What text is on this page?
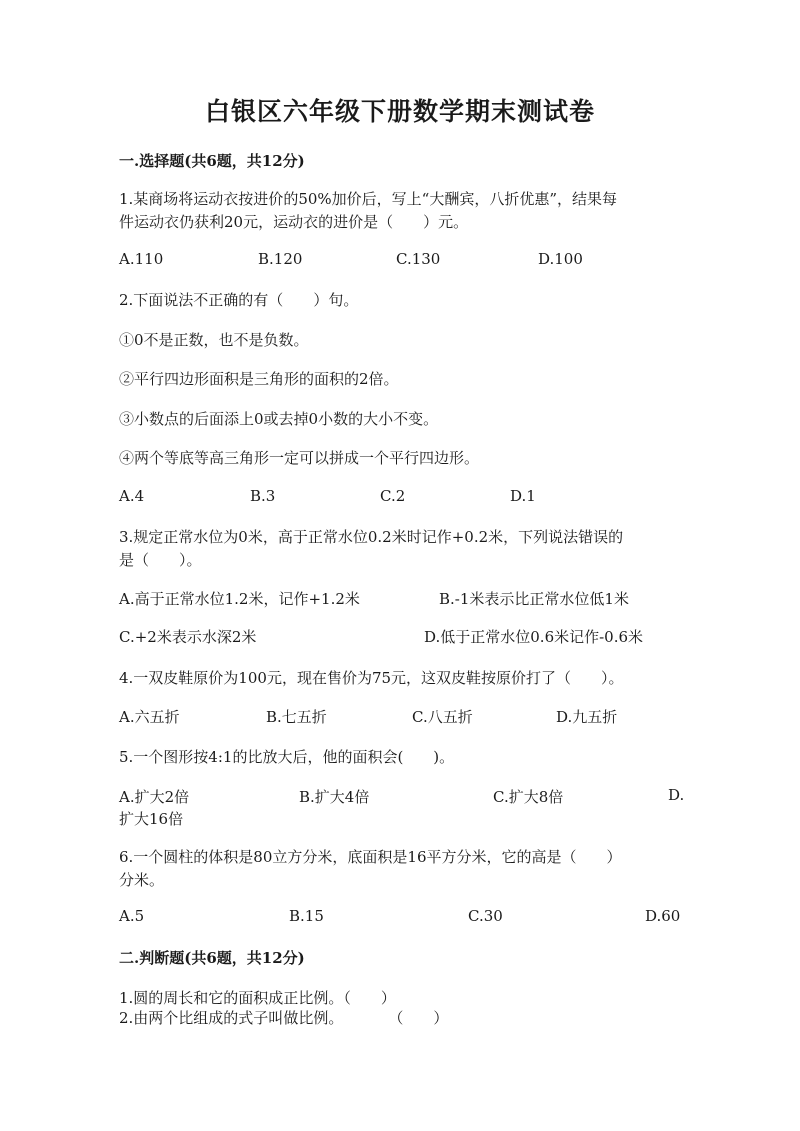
白银区六年级下册数学期末测试卷
一.选择题(共6题，共12分)
1.某商场将运动衣按进价的50%加价后，写上“大酬宾，八折优惠”，结果每
件运动衣仍获利20元，运动衣的进价是（　　）元。
A.110	B.120	C.130	D.100
2.下面说法不正确的有（　　）句。
①0不是正数，也不是负数。
②平行四边形面积是三角形的面积的2倍。
③小数点的后面添上0或去掉0小数的大小不变。
④两个等底等高三角形一定可以拼成一个平行四边形。
A.4	B.3	C.2	D.1
3.规定正常水位为0米，高于正常水位0.2米时记作+0.2米，下列说法错误的
是（　　）。
A.高于正常水位1.2米，记作+1.2米	B.-1米表示比正常水位低1米
C.+2米表示水深2米	D.低于正常水位0.6米记作-0.6米
4.一双皮鞋原价为100元，现在售价为75元，这双皮鞋按原价打了（　　）。
A.六五折	B.七五折	C.八五折	D.九五折
5.一个图形按4:1的比放大后，他的面积会(　　)。
A.扩大2倍	B.扩大4倍	C.扩大8倍	D.
扩大16倍
6.一个圆柱的体积是80立方分米，底面积是16平方分米，它的高是（　　）
分米。
A.5	B.15	C.30	D.60
二.判断题(共6题，共12分)
1.圆的周长和它的面积成正比例。（　　）
2.由两个比组成的式子叫做比例。　　　　（　　）
